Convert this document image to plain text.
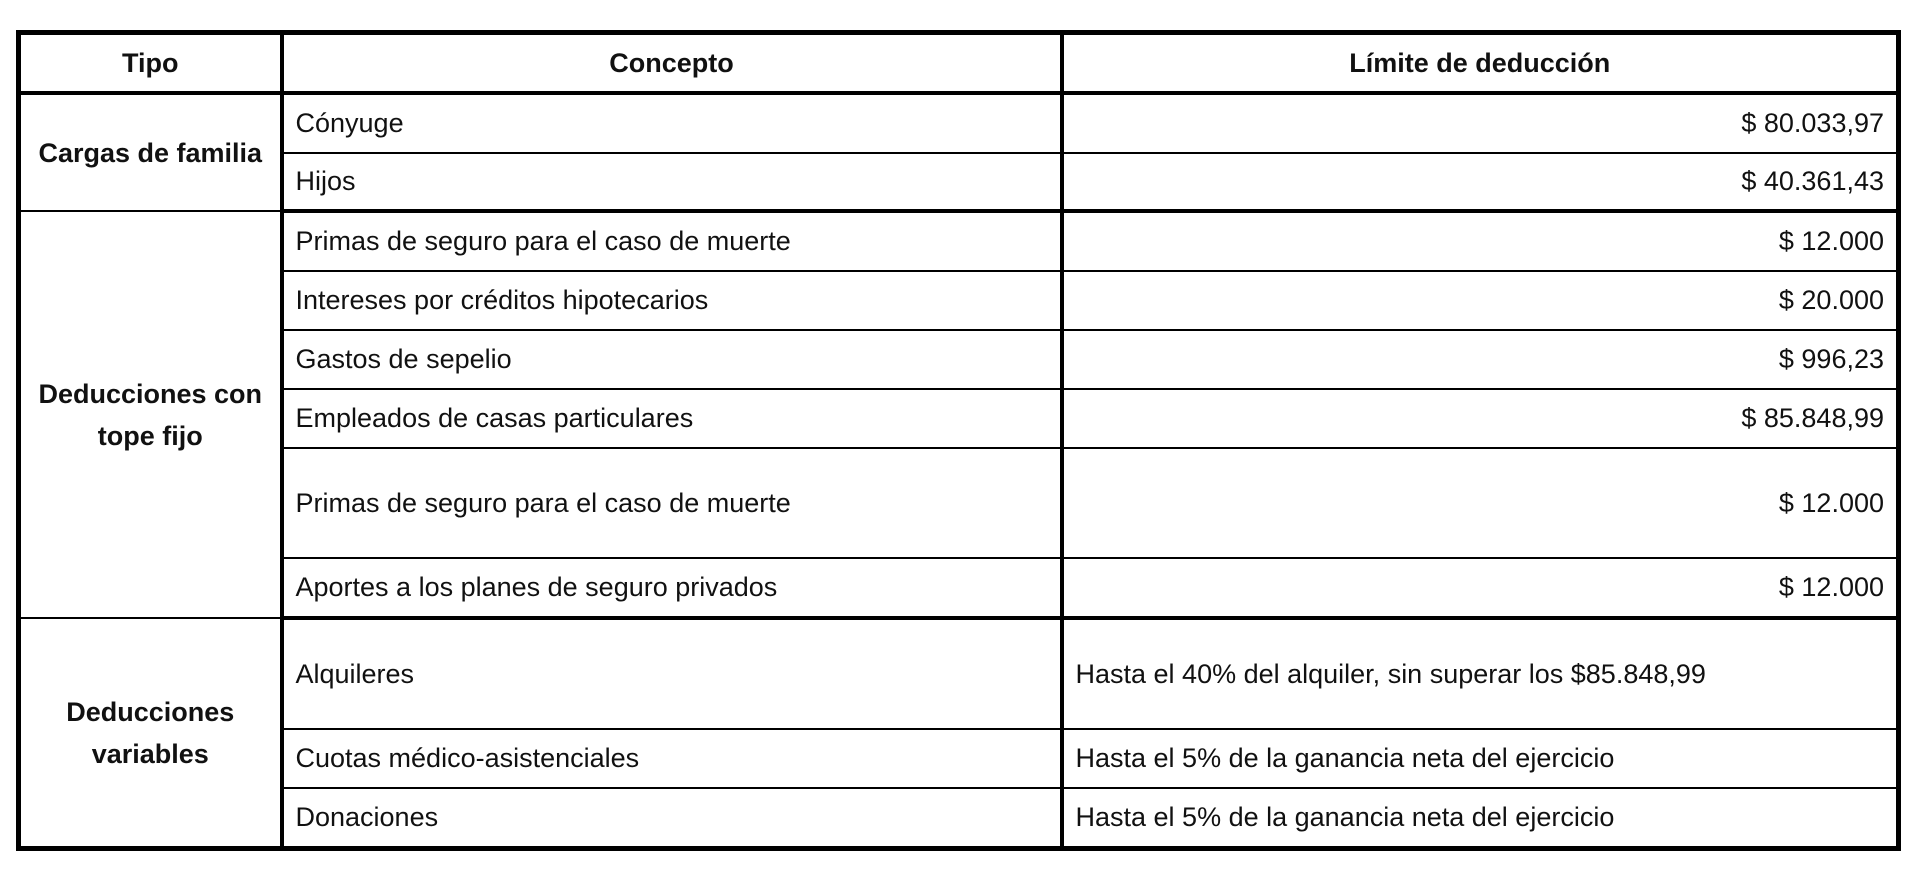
Tipo	Concepto	Límite de deducción
Cargas de familia	Cónyuge	$ 80.033,97
	Hijos	$ 40.361,43
Deducciones con tope fijo	Primas de seguro para el caso de muerte	$ 12.000
	Intereses por créditos hipotecarios	$ 20.000
	Gastos de sepelio	$ 996,23
	Empleados de casas particulares	$ 85.848,99
	Primas de seguro para el caso de muerte	$ 12.000
	Aportes a los planes de seguro privados	$ 12.000
Deducciones variables	Alquileres	Hasta el 40% del alquiler, sin superar los $85.848,99
	Cuotas médico-asistenciales	Hasta el 5% de la ganancia neta del ejercicio
	Donaciones	Hasta el 5% de la ganancia neta del ejercicio
